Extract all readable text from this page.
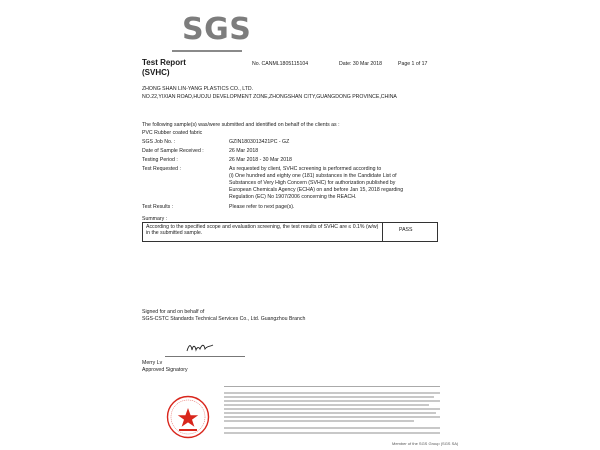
SGS
Test Report
(SVHC)
No. CANML1805115104	Date: 30 Mar 2018	Page 1 of 17
ZHONG SHAN LIN-YANG PLASTICS CO., LTD.
NO.22,YIXIAN ROAD,HUOJU DEVELOPMENT ZONE,ZHONGSHAN CITY,GUANGDONG PROVINCE,CHINA
The following sample(s) was/were submitted and identified on behalf of the clients as :
PVC Rubber coated fabric
SGS Job No. :	GZIN1803013421PC - GZ
Date of Sample Received :	26 Mar 2018
Testing Period :	26 Mar 2018 - 30 Mar 2018
Test Requested :	As requested by client, SVHC screening is performed according to
(i) One hundred and eighty one (181) substances in the Candidate List of
Substances of Very High Concern (SVHC) for authorization published by
European Chemicals Agency (ECHA) on and before Jan 15, 2018 regarding
Regulation (EC) No 1907/2006 concerning the REACH.
Test Results :	Please refer to next page(s).
Summary :
According to the specified scope and evaluation screening, the test results of SVHC are ≤ 0.1% (w/w) in the submitted sample.
PASS
Signed for and on behalf of
SGS-CSTC Standards Technical Services Co., Ltd. Guangzhou Branch
Merry Lv
Approved Signatory
Member of the SGS Group (SGS SA)
